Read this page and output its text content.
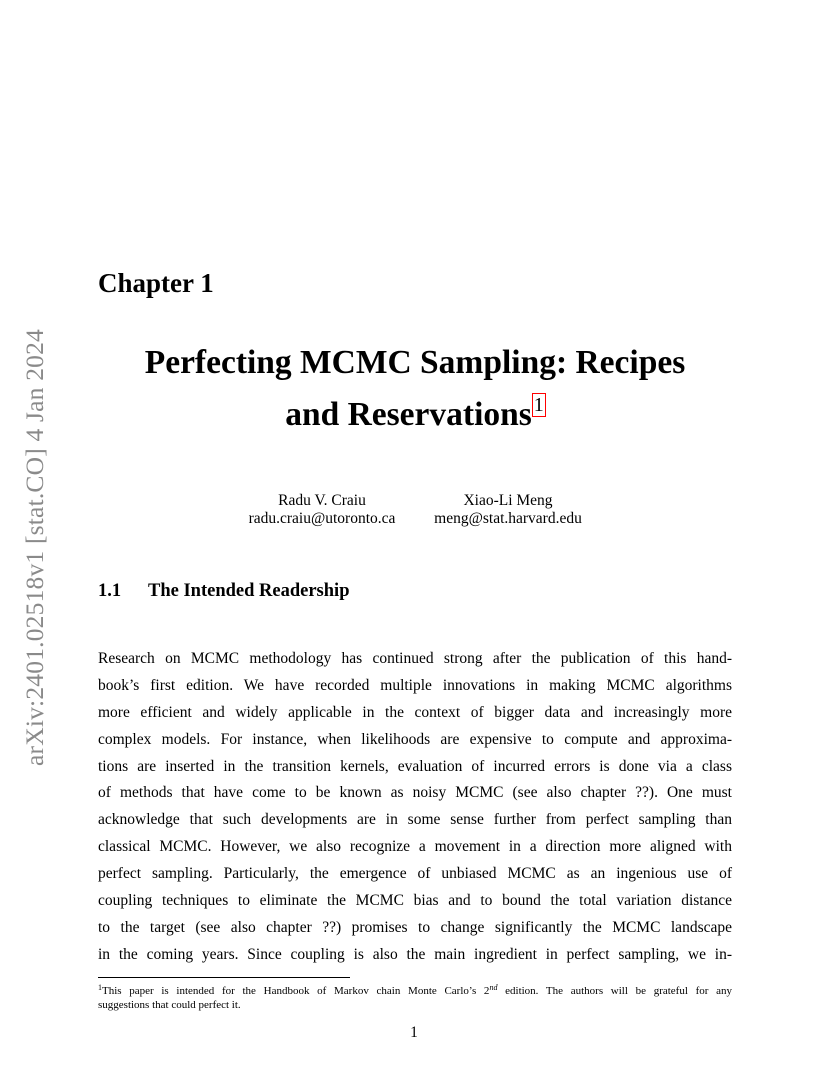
arXiv:2401.02518v1 [stat.CO] 4 Jan 2024
Chapter 1
Perfecting MCMC Sampling: Recipes
and Reservations $^1$
Radu V. Craiu
radu.craiu@utoronto.ca
Xiao-Li Meng
meng@stat.harvard.edu
1.1 The Intended Readership
Research on MCMC methodology has continued strong after the publication of this hand-
book’s first edition. We have recorded multiple innovations in making MCMC algorithms
more efficient and widely applicable in the context of bigger data and increasingly more
complex models. For instance, when likelihoods are expensive to compute and approxima-
tions are inserted in the transition kernels, evaluation of incurred errors is done via a class
of methods that have come to be known as noisy MCMC (see also chapter ??). One must
acknowledge that such developments are in some sense further from perfect sampling than
classical MCMC. However, we also recognize a movement in a direction more aligned with
perfect sampling. Particularly, the emergence of unbiased MCMC as an ingenious use of
coupling techniques to eliminate the MCMC bias and to bound the total variation distance
to the target (see also chapter ??) promises to change significantly the MCMC landscape
in the coming years. Since coupling is also the main ingredient in perfect sampling, we in-
$^1$This paper is intended for the Handbook of Markov chain Monte Carlo’s 2nd edition. The authors will be grateful for any
suggestions that could perfect it.
1
